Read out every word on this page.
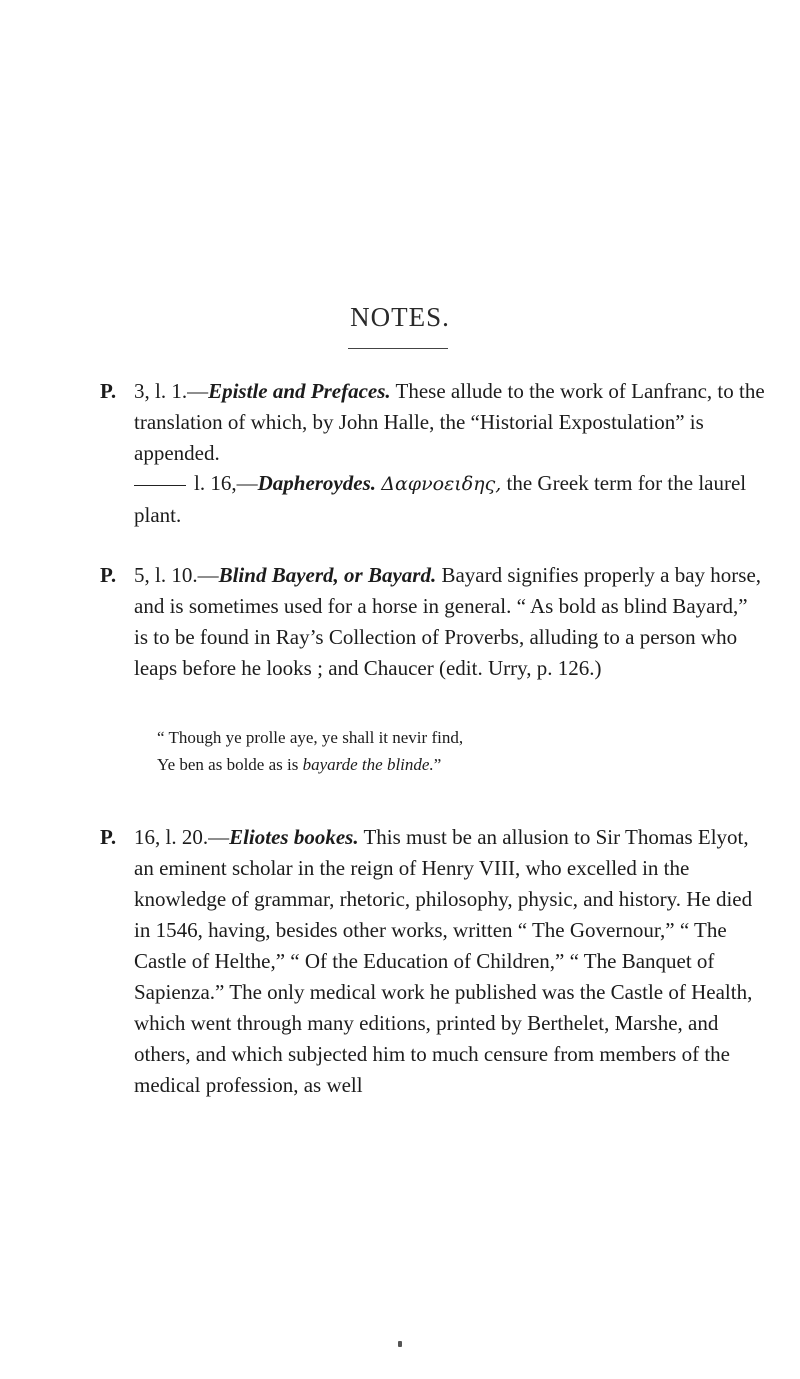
NOTES.

P. 3, l. 1.—Epistle and Prefaces. These allude to the work of Lanfranc, to the translation of which, by John Halle, the “Historial Expostulation” is appended.

l. 16,—Dapheroydes. Δαφνοειδης, the Greek term for the laurel plant.

P. 5, l. 10.—Blind Bayerd, or Bayard. Bayard signifies properly a bay horse, and is sometimes used for a horse in general. “ As bold as blind Bayard,” is to be found in Ray’s Collection of Proverbs, alluding to a person who leaps before he looks ; and Chaucer (edit. Urry, p. 126.)

“ Though ye prolle aye, ye shall it nevir find,

Ye ben as bolde as is bayarde the blinde.”

P. 16, l. 20.—Eliotes bookes. This must be an allusion to Sir Thomas Elyot, an eminent scholar in the reign of Henry VIII, who excelled in the knowledge of grammar, rhetoric, philosophy, physic, and history. He died in 1546, having, besides other works, written “ The Governour,” “ The Castle of Helthe,” “ Of the Education of Children,” “ The Banquet of Sapienza.” The only medical work he published was the Castle of Health, which went through many editions, printed by Berthelet, Marshe, and others, and which subjected him to much censure from members of the medical profession, as well
